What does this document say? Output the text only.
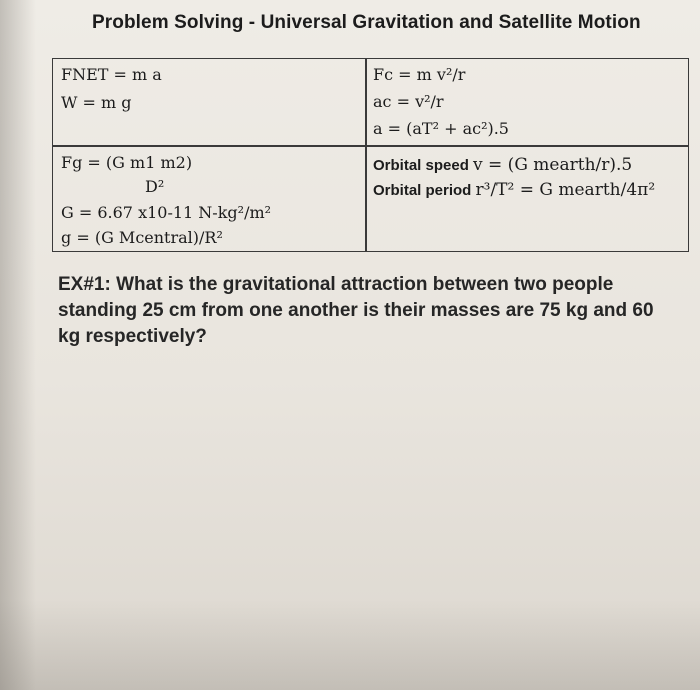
Problem Solving - Universal Gravitation and Satellite Motion
FNET = m a
W = m g
Fc = m v²/r
ac = v²/r
a = (aT² + ac²).5
Fg = (G m1 m2)
D²
G = 6.67 x10-11 N-kg²/m²
g = (G Mcentral)/R²
Orbital speed v = (G mearth/r).5
Orbital period r³/T² = G mearth/4π²
EX#1: What is the gravitational attraction between two people standing 25 cm from one another is their masses are 75 kg and 60 kg respectively?
